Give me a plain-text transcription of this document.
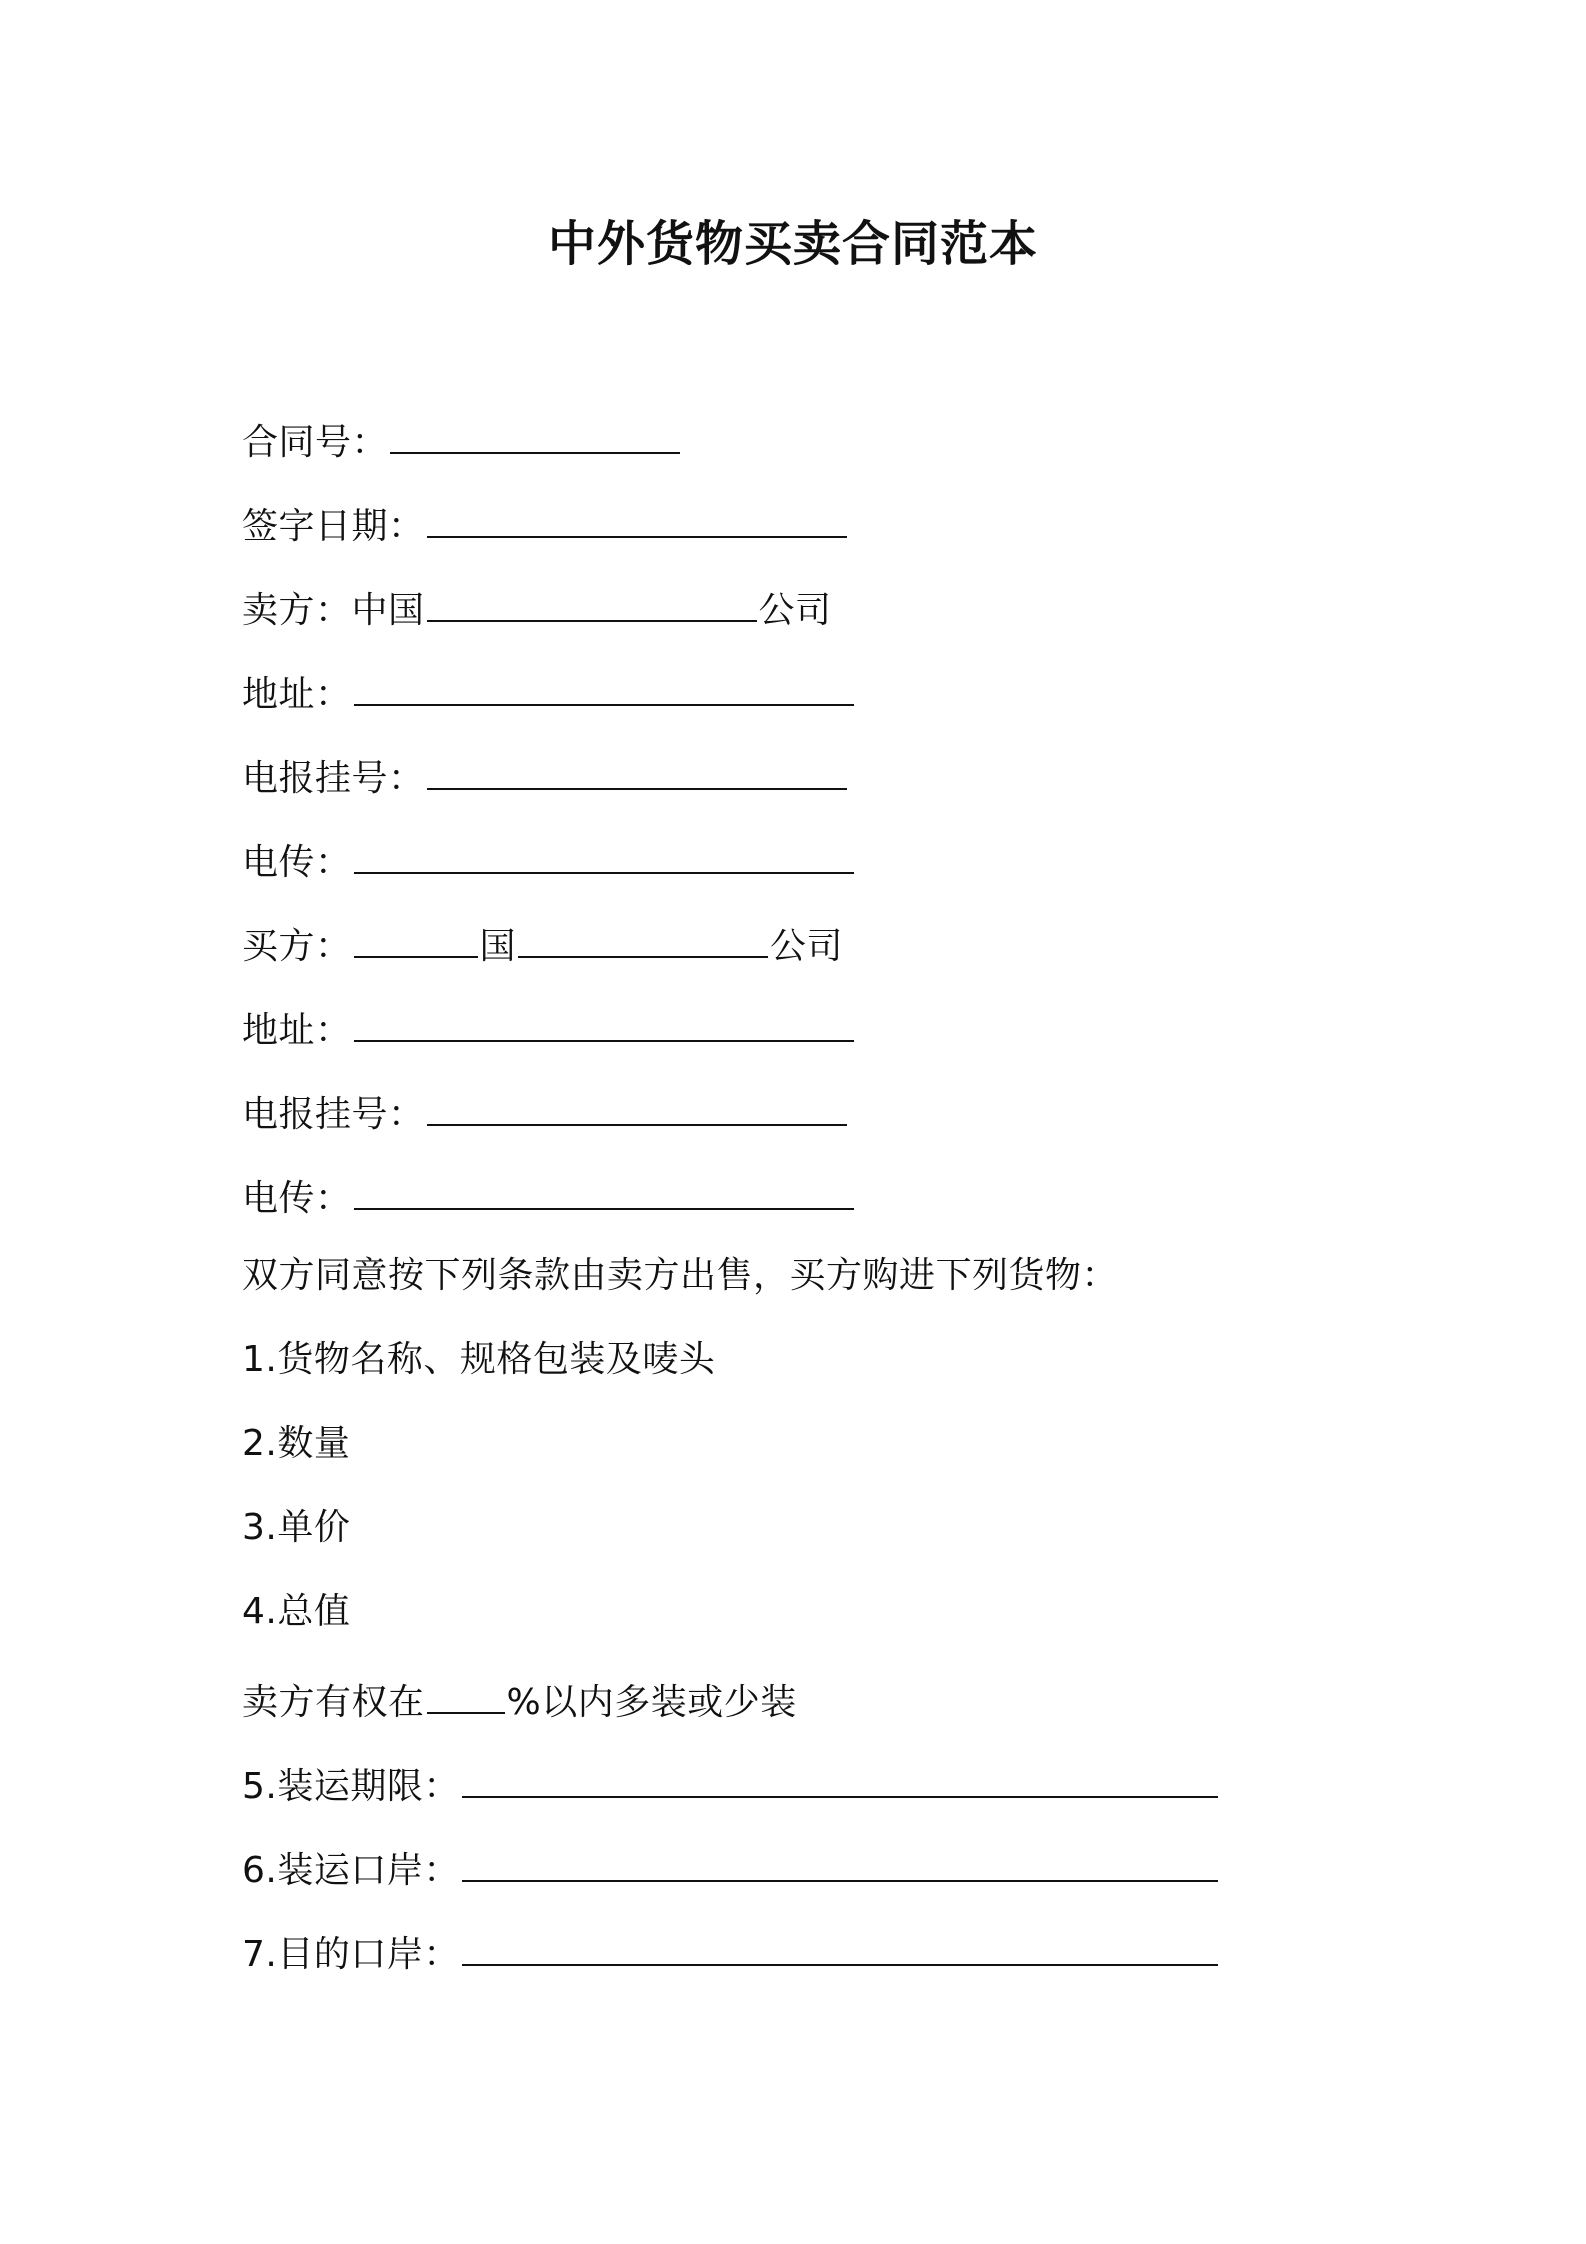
中外货物买卖合同范本
合同号：
签字日期：
卖方：中国	公司
地址：
电报挂号：
电传：
买方：	国	公司
地址：
电报挂号：
电传：
双方同意按下列条款由卖方出售，买方购进下列货物：
1.货物名称、规格包装及唛头
2.数量
3.单价
4.总值
卖方有权在 %以内多装或少装
5.装运期限：
6.装运口岸：
7.目的口岸：
